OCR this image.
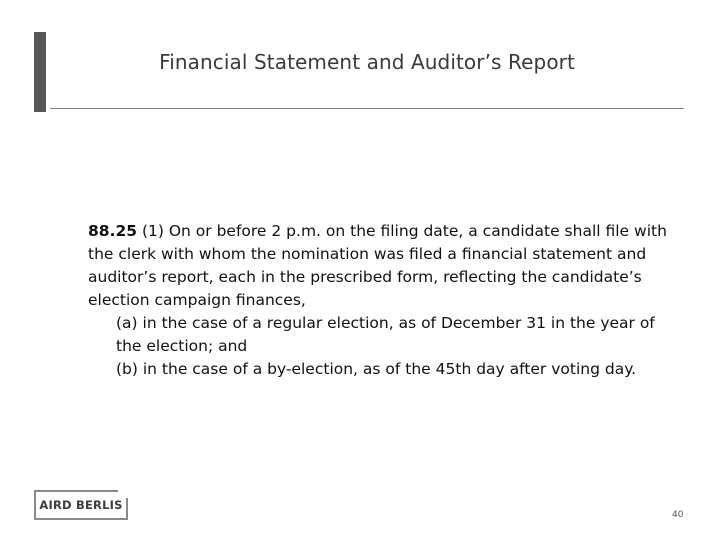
Financial Statement and Auditor’s Report

88.25 (1) On or before 2 p.m. on the filing date, a candidate shall file with the clerk with whom the nomination was filed a financial statement and auditor’s report, each in the prescribed form, reflecting the candidate’s election campaign finances,

(a) in the case of a regular election, as of December 31 in the year of the election; and

(b) in the case of a by-election, as of the 45th day after voting day.

AIRD BERLIS
40
